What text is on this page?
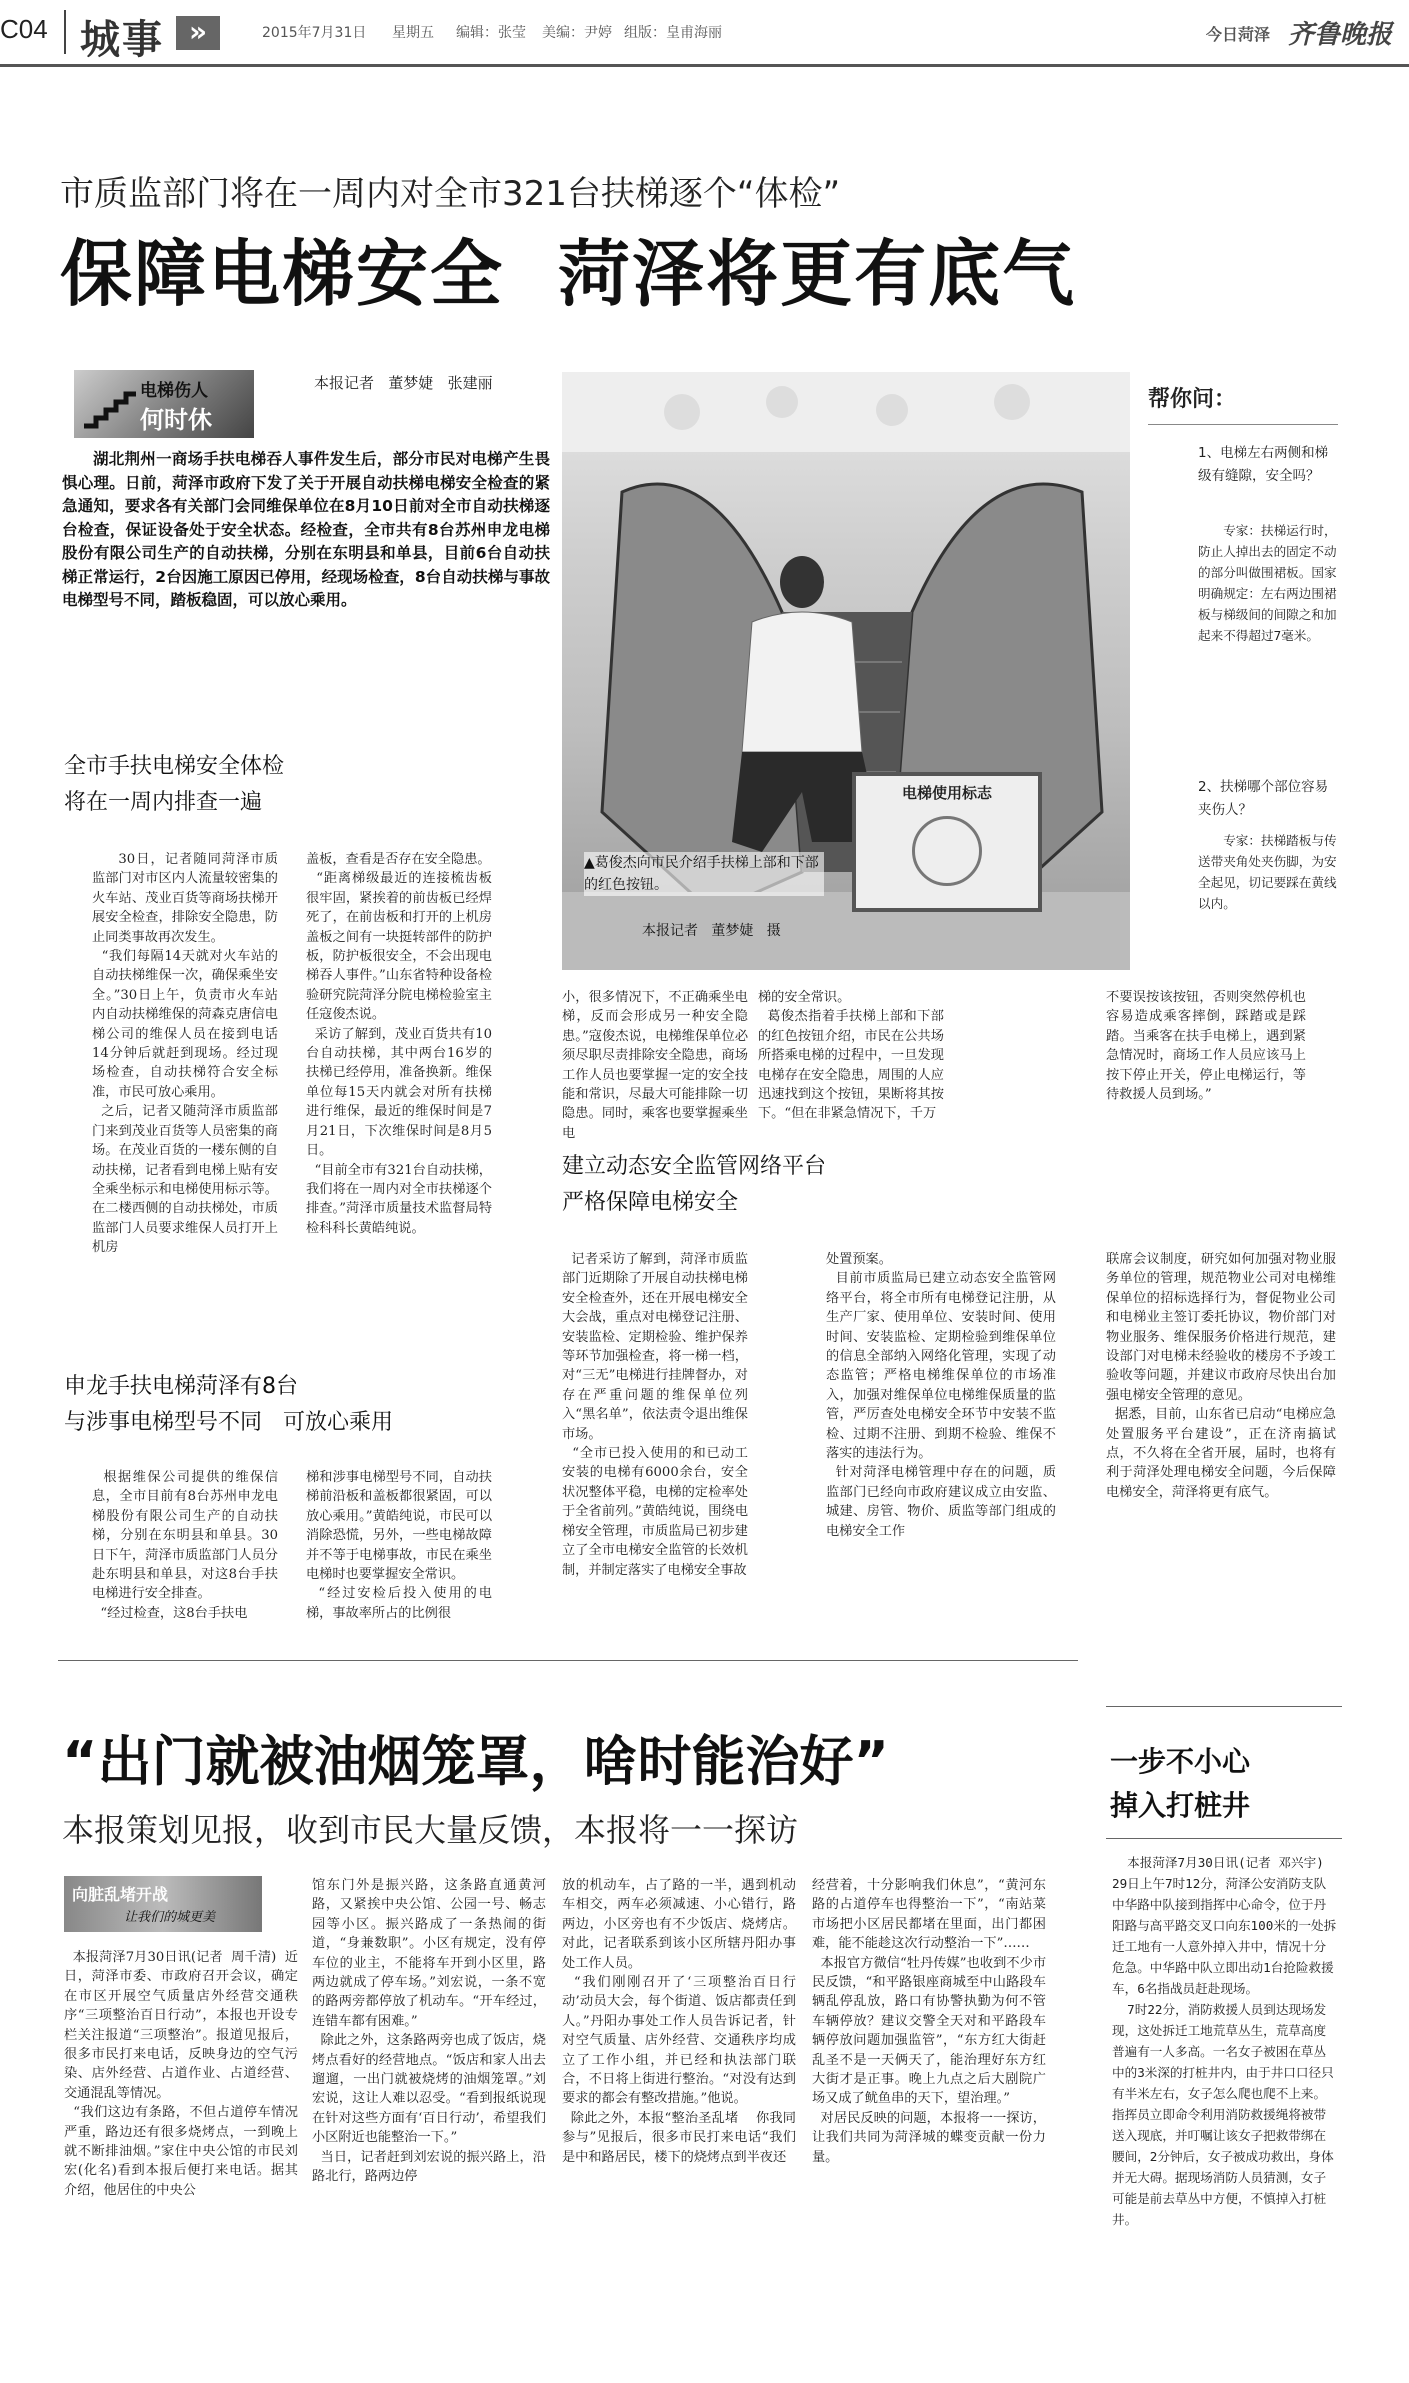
C04 城事 »	2015年7月31日 星期五 编辑：张莹 美编：尹婷 组版：皇甫海丽	今日菏泽 齐鲁晚报
市质监部门将在一周内对全市321台扶梯逐个“体检”
保障电梯安全  菏泽将更有底气
电梯伤人
何时休
本报记者   董梦婕   张建丽
湖北荆州一商场手扶电梯吞人事件发生后，部分市民对电梯产生畏惧心理。日前，菏泽市政府下发了关于开展自动扶梯电梯安全检查的紧急通知，要求各有关部门会同维保单位在8月10日前对全市自动扶梯逐台检查，保证设备处于安全状态。经检查，全市共有8台苏州申龙电梯股份有限公司生产的自动扶梯，分别在东明县和单县，目前6台自动扶梯正常运行，2台因施工原因已停用，经现场检查，8台自动扶梯与事故电梯型号不同，踏板稳固，可以放心乘用。
电梯使用标志
▲葛俊杰向市民介绍手扶梯上部和下部的红色按钮。
本报记者   董梦婕   摄
帮你问：
1、电梯左右两侧和梯级有缝隙，安全吗？
专家：扶梯运行时，防止人掉出去的固定不动的部分叫做围裙板。国家明确规定：左右两边围裙板与梯级间的间隙之和加起来不得超过7毫米。
2、扶梯哪个部位容易夹伤人？
专家：扶梯踏板与传送带夹角处夹伤脚，为安全起见，切记要踩在黄线以内。
全市手扶电梯安全体检
将在一周内排查一遍
30日，记者随同菏泽市质监部门对市区内人流量较密集的火车站、茂业百货等商场扶梯开展安全检查，排除安全隐患，防止同类事故再次发生。
“我们每隔14天就对火车站的自动扶梯维保一次，确保乘坐安全。”30日上午，负责市火车站内自动扶梯维保的菏森克唐信电梯公司的维保人员在接到电话14分钟后就赶到现场。经过现场检查，自动扶梯符合安全标准，市民可放心乘用。
之后，记者又随菏泽市质监部门来到茂业百货等人员密集的商场。在茂业百货的一楼东侧的自动扶梯，记者看到电梯上贴有安全乘坐标示和电梯使用标示等。在二楼西侧的自动扶梯处，市质监部门人员要求维保人员打开上机房
盖板，查看是否存在安全隐患。
“距离梯级最近的连接梳齿板很牢固，紧挨着的前齿板已经焊死了，在前齿板和打开的上机房盖板之间有一块挺转部件的防护板，防护板很安全，不会出现电梯吞人事件。”山东省特种设备检验研究院菏泽分院电梯检验室主任寇俊杰说。
采访了解到，茂业百货共有10台自动扶梯，其中两台16岁的扶梯已经停用，准备换新。维保单位每15天内就会对所有扶梯进行维保，最近的维保时间是7月21日，下次维保时间是8月5日。
“目前全市有321台自动扶梯，我们将在一周内对全市扶梯逐个排查。”菏泽市质量技术监督局特检科科长黄皓纯说。
申龙手扶电梯菏泽有8台
与涉事电梯型号不同   可放心乘用
根据维保公司提供的维保信息，全市目前有8台苏州申龙电梯股份有限公司生产的自动扶梯，分别在东明县和单县。30日下午，菏泽市质监部门人员分赴东明县和单县，对这8台手扶电梯进行安全排查。
“经过检查，这8台手扶电
梯和涉事电梯型号不同，自动扶梯前沿板和盖板都很紧固，可以放心乘用。”黄皓纯说，市民可以消除恐慌，另外，一些电梯故障并不等于电梯事故，市民在乘坐电梯时也要掌握安全常识。
“经过安检后投入使用的电梯，事故率所占的比例很
小，很多情况下，不正确乘坐电梯，反而会形成另一种安全隐患。”寇俊杰说，电梯维保单位必须尽职尽责排除安全隐患，商场工作人员也要掌握一定的安全技能和常识，尽最大可能排除一切隐患。同时，乘客也要掌握乘坐电
梯的安全常识。
葛俊杰指着手扶梯上部和下部的红色按钮介绍，市民在公共场所搭乘电梯的过程中，一旦发现电梯存在安全隐患，周围的人应迅速找到这个按钮，果断将其按下。“但在非紧急情况下，千万
不要误按该按钮，否则突然停机也容易造成乘客摔倒，踩踏或是踩踏。当乘客在扶手电梯上，遇到紧急情况时，商场工作人员应该马上按下停止开关，停止电梯运行，等待救援人员到场。”
建立动态安全监管网络平台
严格保障电梯安全
记者采访了解到，菏泽市质监部门近期除了开展自动扶梯电梯安全检查外，还在开展电梯安全大会战，重点对电梯登记注册、安装监检、定期检验、维护保养等环节加强检查，将一梯一档，对“三无”电梯进行挂牌督办，对存在严重问题的维保单位列入“黑名单”，依法责令退出维保市场。
“全市已投入使用的和已动工安装的电梯有6000余台，安全状况整体平稳，电梯的定检率处于全省前列。”黄皓纯说，围绕电梯安全管理，市质监局已初步建立了全市电梯安全监管的长效机制，并制定落实了电梯安全事故
处置预案。
目前市质监局已建立动态安全监管网络平台，将全市所有电梯登记注册，从生产厂家、使用单位、安装时间、使用时间、安装监检、定期检验到维保单位的信息全部纳入网络化管理，实现了动态监管；严格电梯维保单位的市场准入，加强对维保单位电梯维保质量的监管，严厉查处电梯安全环节中安装不监检、过期不注册、到期不检验、维保不落实的违法行为。
针对菏泽电梯管理中存在的问题，质监部门已经向市政府建议成立由安监、城建、房管、物价、质监等部门组成的电梯安全工作
联席会议制度，研究如何加强对物业服务单位的管理，规范物业公司对电梯维保单位的招标选择行为，督促物业公司和电梯业主签订委托协议，物价部门对物业服务、维保服务价格进行规范，建设部门对电梯未经验收的楼房不予竣工验收等问题，并建议市政府尽快出台加强电梯安全管理的意见。
据悉，目前，山东省已启动“电梯应急处置服务平台建设”，正在济南搞试点，不久将在全省开展，届时，也将有利于菏泽处理电梯安全问题，今后保障电梯安全，菏泽将更有底气。
“出门就被油烟笼罩，啥时能治好”
本报策划见报，收到市民大量反馈，本报将一一探访
向脏乱堵开战
让我们的城更美
本报菏泽7月30日讯(记者  周千清)  近日，菏泽市委、市政府召开会议，确定在市区开展空气质量店外经营交通秩序“三项整治百日行动”，本报也开设专栏关注报道“三项整治”。报道见报后，很多市民打来电话，反映身边的空气污染、店外经营、占道作业、占道经营、交通混乱等情况。
“我们这边有条路，不但占道停车情况严重，路边还有很多烧烤点，一到晚上就不断排油烟。”家住中央公馆的市民刘宏(化名)看到本报后便打来电话。据其介绍，他居住的中央公
馆东门外是振兴路，这条路直通黄河路，又紧挨中央公馆、公园一号、畅志园等小区。振兴路成了一条热闹的街道，“身兼数职”。小区有规定，没有停车位的业主，不能将车开到小区里，路两边就成了停车场。”刘宏说，一条不宽的路两旁都停放了机动车。“开车经过，连错车都有困难。”
除此之外，这条路两旁也成了饭店，烧烤点看好的经营地点。“饭店和家人出去遛遛，一出门就被烧烤的油烟笼罩。”刘宏说，这让人难以忍受。“看到报纸说现在针对这些方面有‘百日行动’，希望我们小区附近也能整治一下。”
当日，记者赶到刘宏说的振兴路上，沿路北行，路两边停
放的机动车，占了路的一半，遇到机动车相交，两车必须减速、小心错行，路两边，小区旁也有不少饭店、烧烤店。对此，记者联系到该小区所辖丹阳办事处工作人员。
“我们刚刚召开了‘三项整治百日行动’动员大会，每个街道、饭店都责任到人。”丹阳办事处工作人员告诉记者，针对空气质量、店外经营、交通秩序均成立了工作小组，并已经和执法部门联合，不日将上街进行整治。“对没有达到要求的都会有整改措施。”他说。
除此之外，本报“整治圣乱堵    你我同参与”见报后，很多市民打来电话“我们是中和路居民，楼下的烧烤点到半夜还
经营着，十分影响我们休息”，“黄河东路的占道停车也得整治一下”，“南站菜市场把小区居民都堵在里面，出门都困难，能不能趁这次行动整治一下”……
本报官方微信“牡丹传媒”也收到不少市民反馈，“和平路银座商城至中山路段车辆乱停乱放，路口有协警执勤为何不管车辆停放？建议交警全天对和平路段车辆停放问题加强监管”，“东方红大街赶乱圣不是一天俩天了，能治理好东方红大街才是正事。晚上九点之后大剧院广场又成了鱿鱼串的天下，望治理。”
对居民反映的问题，本报将一一探访，让我们共同为菏泽城的蝶变贡献一份力量。
一步不小心
掉入打桩井
本报菏泽7月30日讯(记者 邓兴宇)  29日上午7时12分，菏泽公安消防支队中华路中队接到指挥中心命令，位于丹阳路与高平路交叉口向东100米的一处拆迁工地有一人意外掉入井中，情况十分危急。中华路中队立即出动1台抢险救援车，6名指战员赶赴现场。
7时22分，消防救援人员到达现场发现，这处拆迁工地荒草丛生，荒草高度普遍有一人多高。一名女子被困在草丛中的3米深的打桩井内，由于井口口径只有半米左右，女子怎么爬也爬不上来。指挥员立即命令利用消防救援绳将被带送入现底，并叮嘱让该女子把救带绑在腰间，2分钟后，女子被成功救出，身体并无大碍。据现场消防人员猜测，女子可能是前去草丛中方便，不慎掉入打桩井。
